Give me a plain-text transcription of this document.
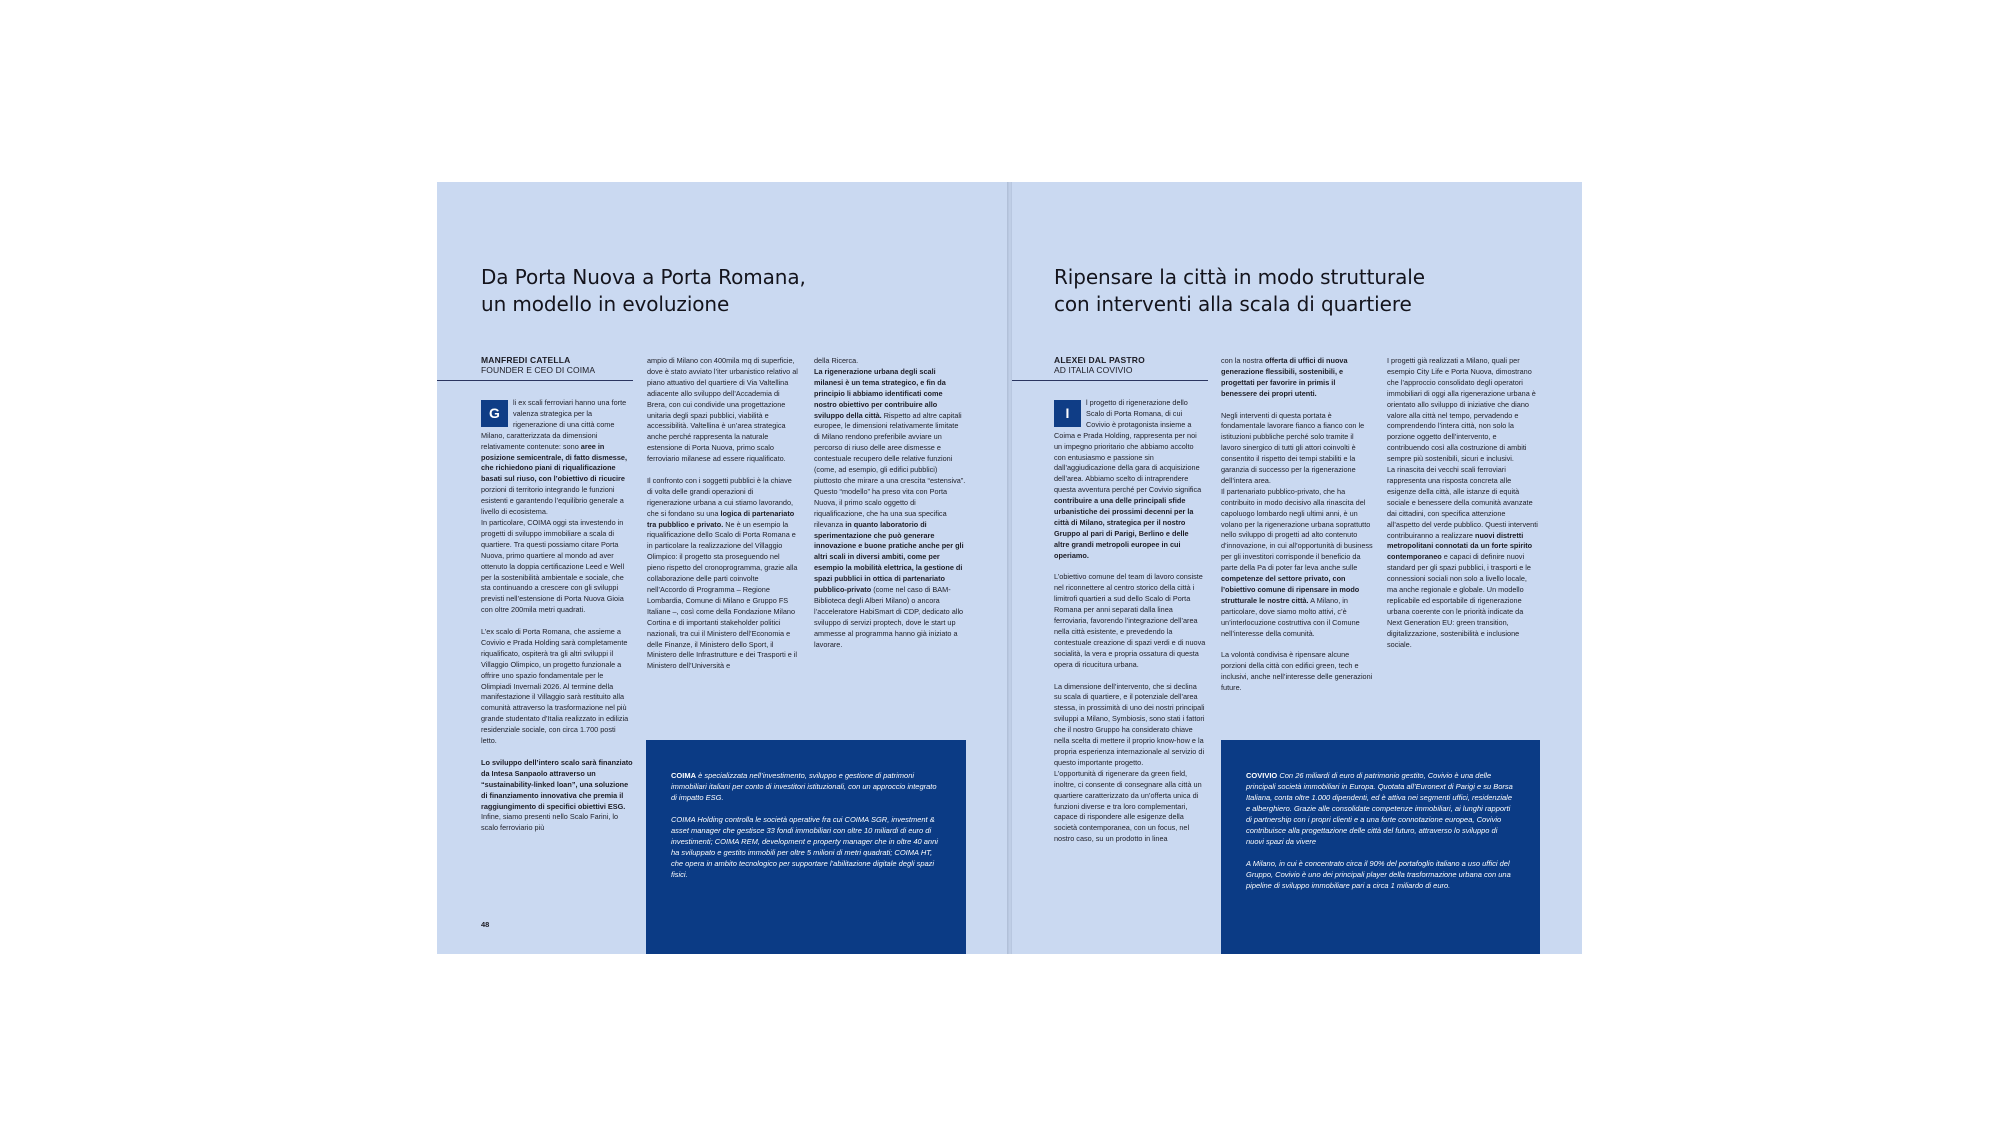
Da Porta Nuova a Porta Romana,
un modello in evoluzione
MANFREDI CATELLA
FOUNDER E CEO DI COIMA

G
li ex scali ferroviari hanno una forte valenza strategica per la rigenerazione di una città come Milano, caratterizzata da dimensioni relativamente contenute: sono aree in posizione semicentrale, di fatto dismesse, che richiedono piani di riqualificazione basati sul riuso, con l’obiettivo di ricucire porzioni di territorio integrando le funzioni esistenti e garantendo l’equilibrio generale a livello di ecosistema.
In particolare, COIMA oggi sta investendo in progetti di sviluppo immobiliare a scala di quartiere. Tra questi possiamo citare Porta Nuova, primo quartiere al mondo ad aver ottenuto la doppia certificazione Leed e Well per la sostenibilità ambientale e sociale, che sta continuando a crescere con gli sviluppi previsti nell’estensione di Porta Nuova Gioia con oltre 200mila metri quadrati.

L’ex scalo di Porta Romana, che assieme a Covivio e Prada Holding sarà completamente riqualificato, ospiterà tra gli altri sviluppi il Villaggio Olimpico, un progetto funzionale a offrire uno spazio fondamentale per le Olimpiadi Invernali 2026. Al termine della manifestazione il Villaggio sarà restituito alla comunità attraverso la trasformazione nel più grande studentato d’Italia realizzato in edilizia residenziale sociale, con circa 1.700 posti letto.

Lo sviluppo dell’intero scalo sarà finanziato da Intesa Sanpaolo attraverso un “sustainability-linked loan”, una soluzione di finanziamento innovativa che premia il raggiungimento di specifici obiettivi ESG. Infine, siamo presenti nello Scalo Farini, lo scalo ferroviario più

ampio di Milano con 400mila mq di superficie, dove è stato avviato l’iter urbanistico relativo al piano attuativo del quartiere di Via Valtellina adiacente allo sviluppo dell’Accademia di Brera, con cui condivide una progettazione unitaria degli spazi pubblici, viabilità e accessibilità. Valtellina è un’area strategica anche perché rappresenta la naturale estensione di Porta Nuova, primo scalo ferroviario milanese ad essere riqualificato.

Il confronto con i soggetti pubblici è la chiave di volta delle grandi operazioni di rigenerazione urbana a cui stiamo lavorando, che si fondano su una logica di partenariato tra pubblico e privato. Ne è un esempio la riqualificazione dello Scalo di Porta Romana e in particolare la realizzazione del Villaggio Olimpico: il progetto sta proseguendo nel pieno rispetto del cronoprogramma, grazie alla collaborazione delle parti coinvolte nell’Accordo di Programma – Regione Lombardia, Comune di Milano e Gruppo FS Italiane –, così come della Fondazione Milano Cortina e di importanti stakeholder politici nazionali, tra cui il Ministero dell’Economia e delle Finanze, il Ministero dello Sport, il Ministero delle Infrastrutture e dei Trasporti e il Ministero dell’Università e

della Ricerca.
La rigenerazione urbana degli scali milanesi è un tema strategico, e fin da principio li abbiamo identificati come nostro obiettivo per contribuire allo sviluppo della città. Rispetto ad altre capitali europee, le dimensioni relativamente limitate di Milano rendono preferibile avviare un percorso di riuso delle aree dismesse e contestuale recupero delle relative funzioni (come, ad esempio, gli edifici pubblici) piuttosto che mirare a una crescita “estensiva”.
Questo “modello” ha preso vita con Porta Nuova, il primo scalo oggetto di riqualificazione, che ha una sua specifica rilevanza in quanto laboratorio di sperimentazione che può generare innovazione e buone pratiche anche per gli altri scali in diversi ambiti, come per esempio la mobilità elettrica, la gestione di spazi pubblici in ottica di partenariato pubblico-privato (come nel caso di BAM-Biblioteca degli Alberi Milano) o ancora l’acceleratore HabiSmart di CDP, dedicato allo sviluppo di servizi proptech, dove le start up ammesse al programma hanno già iniziato a lavorare.

COIMA è specializzata nell’investimento, sviluppo e gestione di patrimoni immobiliari italiani per conto di investitori istituzionali, con un approccio integrato di impatto ESG.

COIMA Holding controlla le società operative fra cui COIMA SGR, investment & asset manager che gestisce 33 fondi immobiliari con oltre 10 miliardi di euro di investimenti; COIMA REM, development e property manager che in oltre 40 anni ha sviluppato e gestito immobili per oltre 5 milioni di metri quadrati; COIMA HT, che opera in ambito tecnologico per supportare l’abilitazione digitale degli spazi fisici.

48
Ripensare la città in modo strutturale
con interventi alla scala di quartiere
ALEXEI DAL PASTRO
AD ITALIA COVIVIO

I
l progetto di rigenerazione dello Scalo di Porta Romana, di cui Covivio è protagonista insieme a Coima e Prada Holding, rappresenta per noi un impegno prioritario che abbiamo accolto con entusiasmo e passione sin dall’aggiudicazione della gara di acquisizione dell’area. Abbiamo scelto di intraprendere questa avventura perché per Covivio significa contribuire a una delle principali sfide urbanistiche dei prossimi decenni per la città di Milano, strategica per il nostro Gruppo al pari di Parigi, Berlino e delle altre grandi metropoli europee in cui operiamo.

L’obiettivo comune del team di lavoro consiste nel riconnettere al centro storico della città i limitrofi quartieri a sud dello Scalo di Porta Romana per anni separati dalla linea ferroviaria, favorendo l’integrazione dell’area nella città esistente, e prevedendo la contestuale creazione di spazi verdi e di nuova socialità, la vera e propria ossatura di questa opera di ricucitura urbana.

La dimensione dell’intervento, che si declina su scala di quartiere, e il potenziale dell’area stessa, in prossimità di uno dei nostri principali sviluppi a Milano, Symbiosis, sono stati i fattori che il nostro Gruppo ha considerato chiave nella scelta di mettere il proprio know-how e la propria esperienza internazionale al servizio di questo importante progetto.
L’opportunità di rigenerare da green field, inoltre, ci consente di consegnare alla città un quartiere caratterizzato da un’offerta unica di funzioni diverse e tra loro complementari, capace di rispondere alle esigenze della società contemporanea, con un focus, nel nostro caso, su un prodotto in linea

con la nostra offerta di uffici di nuova generazione flessibili, sostenibili, e progettati per favorire in primis il benessere dei propri utenti.

Negli interventi di questa portata è fondamentale lavorare fianco a fianco con le istituzioni pubbliche perché solo tramite il lavoro sinergico di tutti gli attori coinvolti è consentito il rispetto dei tempi stabiliti e la garanzia di successo per la rigenerazione dell’intera area.
Il partenariato pubblico-privato, che ha contribuito in modo decisivo alla rinascita del capoluogo lombardo negli ultimi anni, è un volano per la rigenerazione urbana soprattutto nello sviluppo di progetti ad alto contenuto d’innovazione, in cui all’opportunità di business per gli investitori corrisponde il beneficio da parte della Pa di poter far leva anche sulle competenze del settore privato, con l’obiettivo comune di ripensare in modo strutturale le nostre città. A Milano, in particolare, dove siamo molto attivi, c’è un’interlocuzione costruttiva con il Comune nell’interesse della comunità.

La volontà condivisa è ripensare alcune porzioni della città con edifici green, tech e inclusivi, anche nell’interesse delle generazioni future.

I progetti già realizzati a Milano, quali per esempio City Life e Porta Nuova, dimostrano che l’approccio consolidato degli operatori immobiliari di oggi alla rigenerazione urbana è orientato allo sviluppo di iniziative che diano valore alla città nel tempo, pervadendo e comprendendo l’intera città, non solo la porzione oggetto dell’intervento, e contribuendo così alla costruzione di ambiti sempre più sostenibili, sicuri e inclusivi.
La rinascita dei vecchi scali ferroviari rappresenta una risposta concreta alle esigenze della città, alle istanze di equità sociale e benessere della comunità avanzate dai cittadini, con specifica attenzione all’aspetto del verde pubblico. Questi interventi contribuiranno a realizzare nuovi distretti metropolitani connotati da un forte spirito contemporaneo e capaci di definire nuovi standard per gli spazi pubblici, i trasporti e le connessioni sociali non solo a livello locale, ma anche regionale e globale. Un modello replicabile ed esportabile di rigenerazione urbana coerente con le priorità indicate da Next Generation EU: green transition, digitalizzazione, sostenibilità e inclusione sociale.

COVIVIO Con 26 miliardi di euro di patrimonio gestito, Covivio è una delle principali società immobiliari in Europa. Quotata all’Euronext di Parigi e su Borsa Italiana, conta oltre 1.000 dipendenti, ed è attiva nei segmenti uffici, residenziale e alberghiero. Grazie alle consolidate competenze immobiliari, ai lunghi rapporti di partnership con i propri clienti e a una forte connotazione europea, Covivio contribuisce alla progettazione delle città del futuro, attraverso lo sviluppo di nuovi spazi da vivere

A Milano, in cui è concentrato circa il 90% del portafoglio italiano a uso uffici del Gruppo, Covivio è uno dei principali player della trasformazione urbana con una pipeline di sviluppo immobiliare pari a circa 1 miliardo di euro.
